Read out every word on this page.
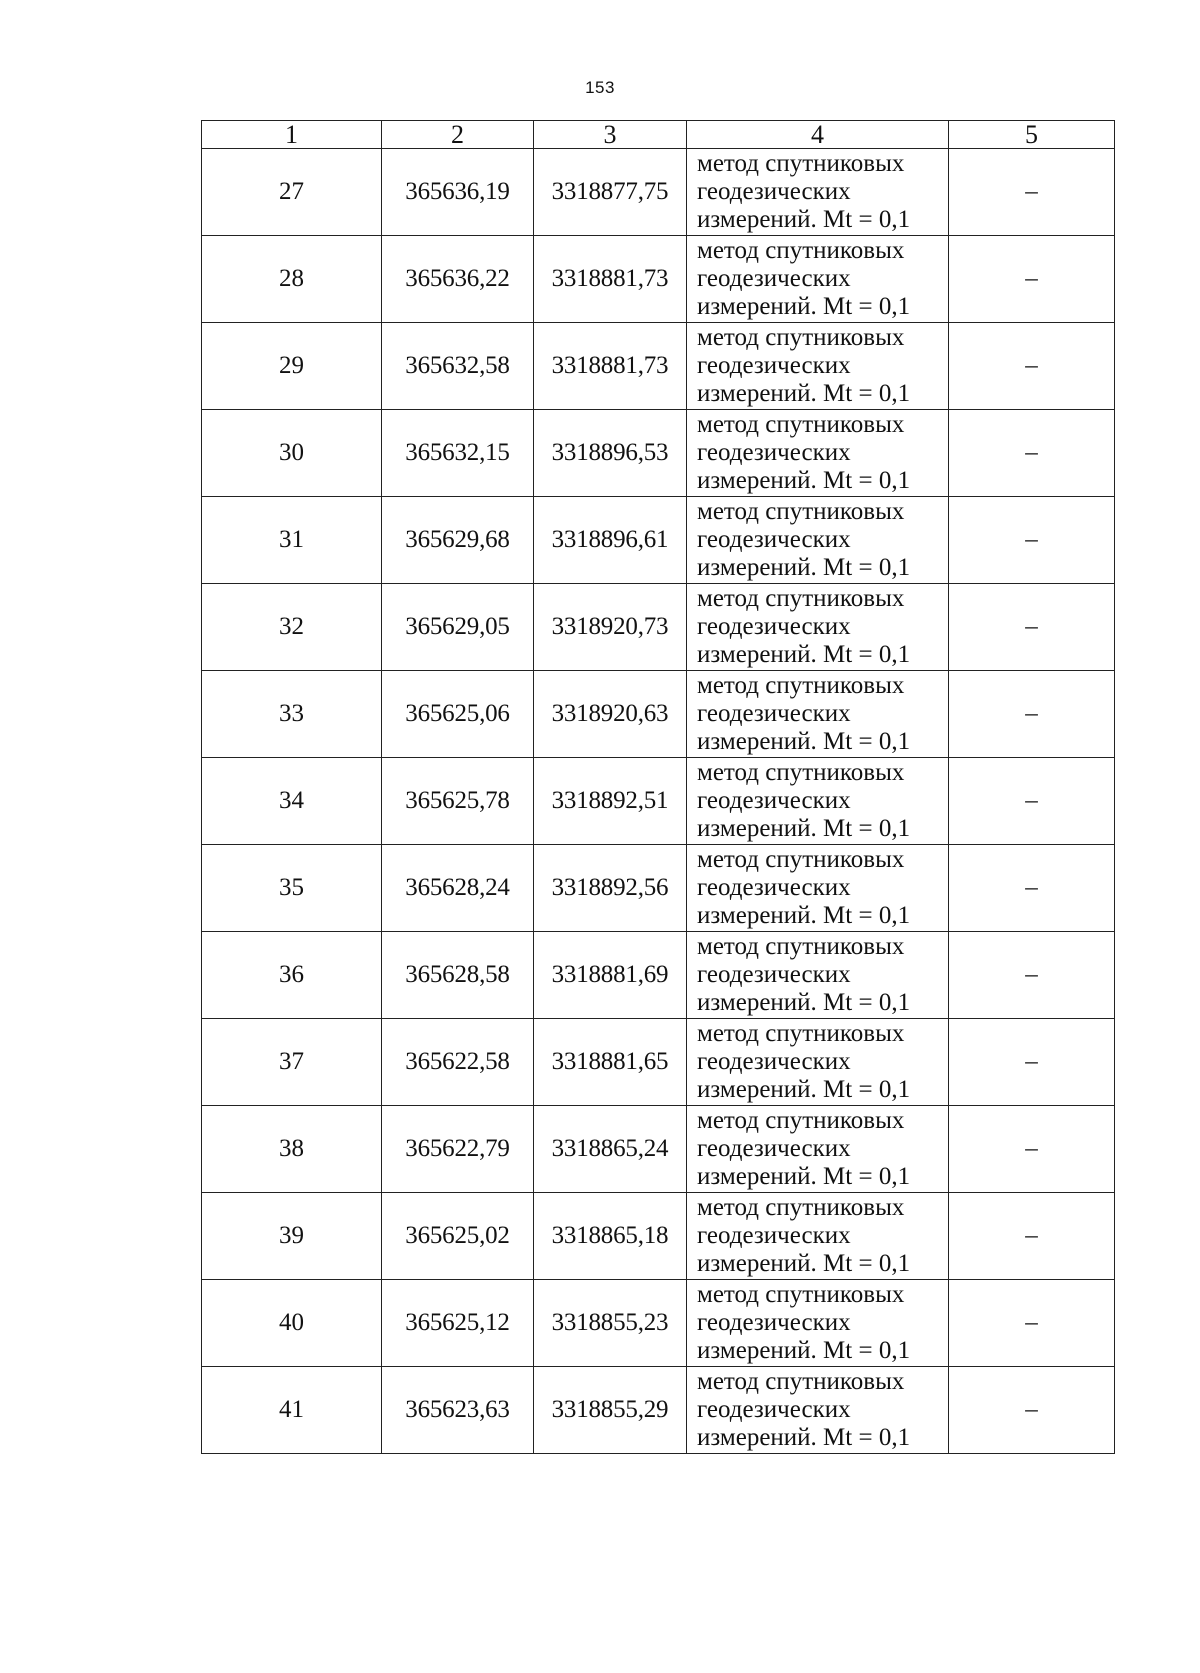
153
1	2	3	4	5
27	365636,19	3318877,75	метод спутниковых
геодезических
измерений. Mt = 0,1	–
28	365636,22	3318881,73	метод спутниковых
геодезических
измерений. Mt = 0,1	–
29	365632,58	3318881,73	метод спутниковых
геодезических
измерений. Mt = 0,1	–
30	365632,15	3318896,53	метод спутниковых
геодезических
измерений. Mt = 0,1	–
31	365629,68	3318896,61	метод спутниковых
геодезических
измерений. Mt = 0,1	–
32	365629,05	3318920,73	метод спутниковых
геодезических
измерений. Mt = 0,1	–
33	365625,06	3318920,63	метод спутниковых
геодезических
измерений. Mt = 0,1	–
34	365625,78	3318892,51	метод спутниковых
геодезических
измерений. Mt = 0,1	–
35	365628,24	3318892,56	метод спутниковых
геодезических
измерений. Mt = 0,1	–
36	365628,58	3318881,69	метод спутниковых
геодезических
измерений. Mt = 0,1	–
37	365622,58	3318881,65	метод спутниковых
геодезических
измерений. Mt = 0,1	–
38	365622,79	3318865,24	метод спутниковых
геодезических
измерений. Mt = 0,1	–
39	365625,02	3318865,18	метод спутниковых
геодезических
измерений. Mt = 0,1	–
40	365625,12	3318855,23	метод спутниковых
геодезических
измерений. Mt = 0,1	–
41	365623,63	3318855,29	метод спутниковых
геодезических
измерений. Mt = 0,1	–
